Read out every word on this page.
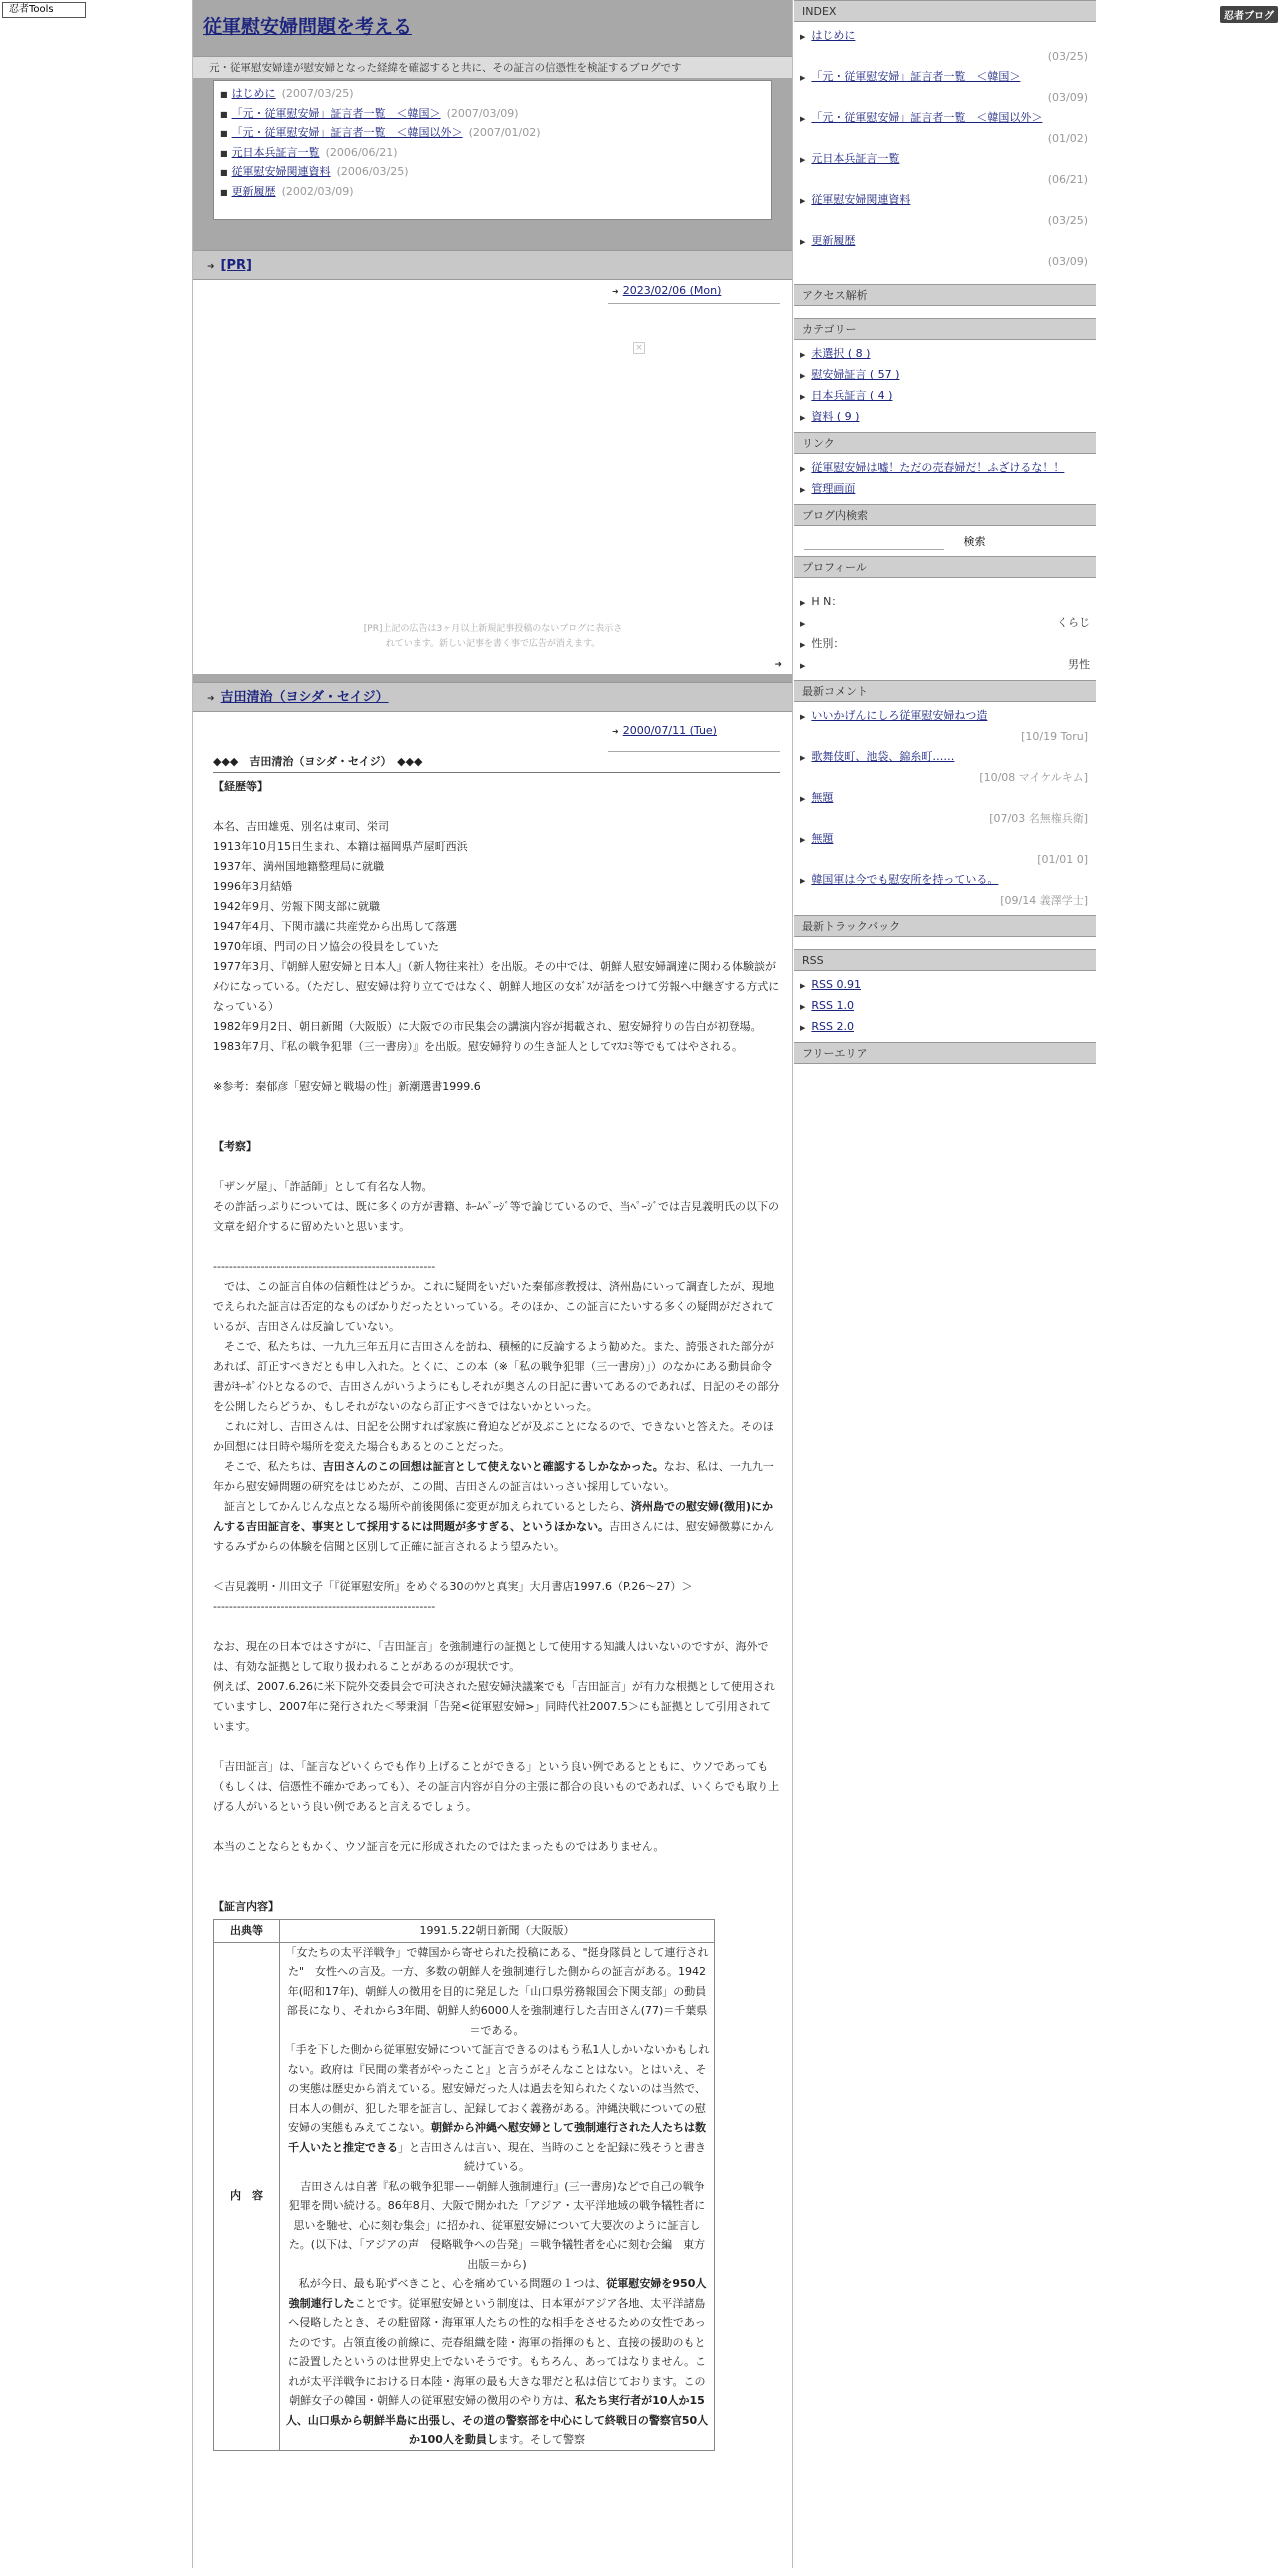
忍者Tools
忍者ブログ
従軍慰安婦問題を考える
元・従軍慰安婦達が慰安婦となった経緯を確認すると共に、その証言の信憑性を検証するブログです
■ はじめに (2007/03/25)
■ 「元・従軍慰安婦」証言者一覧　＜韓国＞ (2007/03/09)
■ 「元・従軍慰安婦」証言者一覧　＜韓国以外＞ (2007/01/02)
■ 元日本兵証言一覧 (2006/06/21)
■ 従軍慰安婦関連資料 (2006/03/25)
■ 更新履歴 (2002/03/09)
➜ [PR]
➜ 2023/02/06 (Mon)
×
[PR]上記の広告は3ヶ月以上新規記事投稿のないブログに表示さ
れています。新しい記事を書く事で広告が消えます。
➜
➜ 吉田清治（ヨシダ・セイジ）
➜ 2000/07/11 (Tue)

◆◆◆　吉田清治（ヨシダ・セイジ）　◆◆◆

【経歴等】

本名、吉田雄兎、別名は東司、栄司

1913年10月15日生まれ、本籍は福岡県芦屋町西浜

1937年、満州国地籍整理局に就職

1996年3月結婚

1942年9月、労報下関支部に就職

1947年4月、下関市議に共産党から出馬して落選

1970年頃、門司の日ソ協会の役員をしていた

1977年3月、『朝鮮人慰安婦と日本人』（新人物往来社）を出版。その中では、朝鮮人慰安婦調達に関わる体験談がﾒｲﾝになっている。（ただし、慰安婦は狩り立てではなく、朝鮮人地区の女ﾎﾞｽが話をつけて労報へ中継ぎする方式になっている）

1982年9月2日、朝日新聞（大阪版）に大阪での市民集会の講演内容が掲載され、慰安婦狩りの告白が初登場。

1983年7月、『私の戦争犯罪（三一書房）』を出版。慰安婦狩りの生き証人としてﾏｽｺﾐ等でもてはやされる。

※参考：秦郁彦「慰安婦と戦場の性」新潮選書1999.6

【考察】

「ザンゲ屋」、「詐話師」として有名な人物。

その詐話っぷりについては、既に多くの方が書籍、ﾎｰﾑﾍﾟｰｼﾞ等で論じているので、当ﾍﾟｰｼﾞでは吉見義明氏の以下の文章を紹介するに留めたいと思います。

--------------------------------------------------------

　では、この証言自体の信頼性はどうか。これに疑問をいだいた秦郁彦教授は、済州島にいって調査したが、現地でえられた証言は否定的なものばかりだったといっている。そのほか、この証言にたいする多くの疑問がだされているが、吉田さんは反論していない。

　そこで、私たちは、一九九三年五月に吉田さんを訪ね、積極的に反論するよう勧めた。また、誇張された部分があれば、訂正すべきだとも申し入れた。とくに、この本（※「私の戦争犯罪（三一書房）」）のなかにある動員命令書がｷｰﾎﾟｲﾝﾄとなるので、吉田さんがいうようにもしそれが奥さんの日記に書いてあるのであれば、日記のその部分を公開したらどうか、もしそれがないのなら訂正すべきではないかといった。

　これに対し、吉田さんは、日記を公開すれば家族に脅迫などが及ぶことになるので、できないと答えた。そのほか回想には日時や場所を変えた場合もあるとのことだった。

　そこで、私たちは、吉田さんのこの回想は証言として使えないと確認するしかなかった。なお、私は、一九九一年から慰安婦問題の研究をはじめたが、この間、吉田さんの証言はいっさい採用していない。

　証言としてかんじんな点となる場所や前後関係に変更が加えられているとしたら、済州島での慰安婦(徴用)にかんする吉田証言を、事実として採用するには問題が多すぎる、というほかない。吉田さんには、慰安婦徴募にかんするみずからの体験を信聞と区別して正確に証言されるよう望みたい。

＜吉見義明・川田文子「『従軍慰安所』をめぐる30のｳｿと真実」大月書店1997.6（P.26～27）＞

--------------------------------------------------------

なお、現在の日本ではさすがに、「吉田証言」を強制連行の証拠として使用する知識人はいないのですが、海外では、有効な証拠として取り扱われることがあるのが現状です。

例えば、2007.6.26に米下院外交委員会で可決された慰安婦決議案でも「吉田証言」が有力な根拠として使用されていますし、2007年に発行された＜琴秉洞「告発<従軍慰安婦>」同時代社2007.5＞にも証拠として引用されています。

「吉田証言」は、「証言などいくらでも作り上げることができる」という良い例であるとともに、ウソであっても（もしくは、信憑性不確かであっても）、その証言内容が自分の主張に都合の良いものであれば、いくらでも取り上げる人がいるという良い例であると言えるでしょう。

本当のことならともかく、ウソ証言を元に形成されたのではたまったものではありません。

【証言内容】

出典等	1991.5.22朝日新聞（大阪版）
内　容	「女たちの太平洋戦争」で韓国から寄せられた投稿にある、"挺身隊員として連行された"　女性への言及。一方、多数の朝鮮人を強制連行した側からの証言がある。1942年(昭和17年)、朝鮮人の徴用を目的に発足した「山口県労務報国会下関支部」の動員部長になり、それから3年間、朝鮮人約6000人を強制連行した吉田さん(77)＝千葉県＝である。
「手を下した側から従軍慰安婦について証言できるのはもう私1人しかいないかもしれない。政府は『民間の業者がやったこと』と言うがそんなことはない。とはいえ、その実態は歴史から消えている。慰安婦だった人は過去を知られたくないのは当然で、日本人の側が、犯した罪を証言し、記録しておく義務がある。沖縄決戦についての慰安婦の実態もみえてこない。朝鮮から沖縄へ慰安婦として強制連行された人たちは数千人いたと推定できる」と吉田さんは言い、現在、当時のことを記録に残そうと書き続けている。
　吉田さんは自著『私の戦争犯罪ーー朝鮮人強制連行』(三一書房)などで自己の戦争犯罪を問い続ける。86年8月、大阪で開かれた「アジア・太平洋地域の戦争犠牲者に思いを馳せ、心に刻む集会」に招かれ、従軍慰安婦について大要次のように証言した。(以下は、「アジアの声　侵略戦争への告発」＝戦争犠牲者を心に刻む会編　東方出版＝から)
　私が今日、最も恥ずべきこと、心を痛めている問題の１つは、従軍慰安婦を950人強制連行したことです。従軍慰安婦という制度は、日本軍がアジア各地、太平洋諸島へ侵略したとき、その駐留隊・海軍軍人たちの性的な相手をさせるための女性であったのです。占領直後の前線に、売春組織を陸・海軍の指揮のもと、直接の援助のもとに設置したというのは世界史上でないそうです。もちろん、あってはなりません。これが太平洋戦争における日本陸・海軍の最も大きな罪だと私は信じております。この朝鮮女子の韓国・朝鮮人の従軍慰安婦の徴用のやり方は、私たち実行者が10人か15人、山口県から朝鮮半島に出張し、その道の警察部を中心にして終戦日の警察官50人か100人を動員します。そして警察
INDEX
▶ はじめに
(03/25)
▶ 「元・従軍慰安婦」証言者一覧　＜韓国＞
(03/09)
▶ 「元・従軍慰安婦」証言者一覧　＜韓国以外＞
(01/02)
▶ 元日本兵証言一覧
(06/21)
▶ 従軍慰安婦関連資料
(03/25)
▶ 更新履歴
(03/09)
アクセス解析
カテゴリー
▶ 未選択 ( 8 )
▶ 慰安婦証言 ( 57 )
▶ 日本兵証言 ( 4 )
▶ 資料 ( 9 )
リンク
▶ 従軍慰安婦は嘘！ただの売春婦だ！ふざけるな！！
▶ 管理画面
ブログ内検索
検索
プロフィール
▶ H N：
▶	くらじ
▶ 性別：
▶	男性
最新コメント
▶ いいかげんにしろ従軍慰安婦ねつ造
[10/19 Toru]
▶ 歌舞伎町、池袋、錦糸町……
[10/08 マイケルキム]
▶ 無題
[07/03 名無権兵衛]
▶ 無題
[01/01 0]
▶ 韓国軍は今でも慰安所を持っている。
[09/14 義澤学士]
最新トラックバック
RSS
▶ RSS 0.91
▶ RSS 1.0
▶ RSS 2.0
フリーエリア
